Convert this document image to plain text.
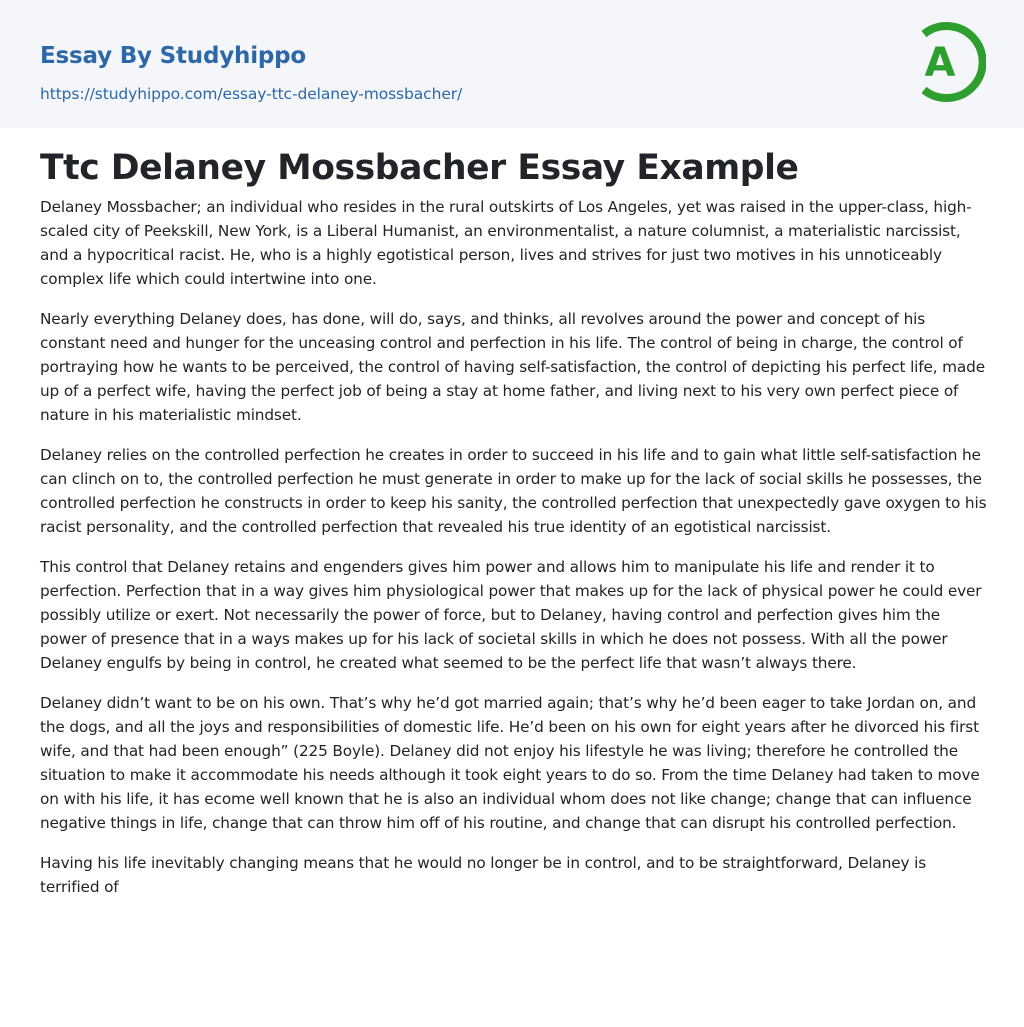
Essay By Studyhippo
https://studyhippo.com/essay-ttc-delaney-mossbacher/
A
Ttc Delaney Mossbacher Essay Example

Delaney Mossbacher; an individual who resides in the rural outskirts of Los Angeles, yet was raised in the upper-class, high-scaled city of Peekskill, New York, is a Liberal Humanist, an environmentalist, a nature columnist, a materialistic narcissist, and a hypocritical racist. He, who is a highly egotistical person, lives and strives for just two motives in his unnoticeably complex life which could intertwine into one.

Nearly everything Delaney does, has done, will do, says, and thinks, all revolves around the power and concept of his constant need and hunger for the unceasing control and perfection in his life. The control of being in charge, the control of portraying how he wants to be perceived, the control of having self-satisfaction, the control of depicting his perfect life, made up of a perfect wife, having the perfect job of being a stay at home father, and living next to his very own perfect piece of nature in his materialistic mindset.

Delaney relies on the controlled perfection he creates in order to succeed in his life and to gain what little self-satisfaction he can clinch on to, the controlled perfection he must generate in order to make up for the lack of social skills he possesses, the controlled perfection he constructs in order to keep his sanity, the controlled perfection that unexpectedly gave oxygen to his racist personality, and the controlled perfection that revealed his true identity of an egotistical narcissist.

This control that Delaney retains and engenders gives him power and allows him to manipulate his life and render it to perfection. Perfection that in a way gives him physiological power that makes up for the lack of physical power he could ever possibly utilize or exert. Not necessarily the power of force, but to Delaney, having control and perfection gives him the power of presence that in a ways makes up for his lack of societal skills in which he does not possess. With all the power Delaney engulfs by being in control, he created what seemed to be the perfect life that wasn’t always there.

Delaney didn’t want to be on his own. That’s why he’d got married again; that’s why he’d been eager to take Jordan on, and the dogs, and all the joys and responsibilities of domestic life. He’d been on his own for eight years after he divorced his first wife, and that had been enough” (225 Boyle). Delaney did not enjoy his lifestyle he was living; therefore he controlled the situation to make it accommodate his needs although it took eight years to do so. From the time Delaney had taken to move on with his life, it has ecome well known that he is also an individual whom does not like change; change that can influence negative things in life, change that can throw him off of his routine, and change that can disrupt his controlled perfection.

Having his life inevitably changing means that he would no longer be in control, and to be straightforward, Delaney is terrified of
